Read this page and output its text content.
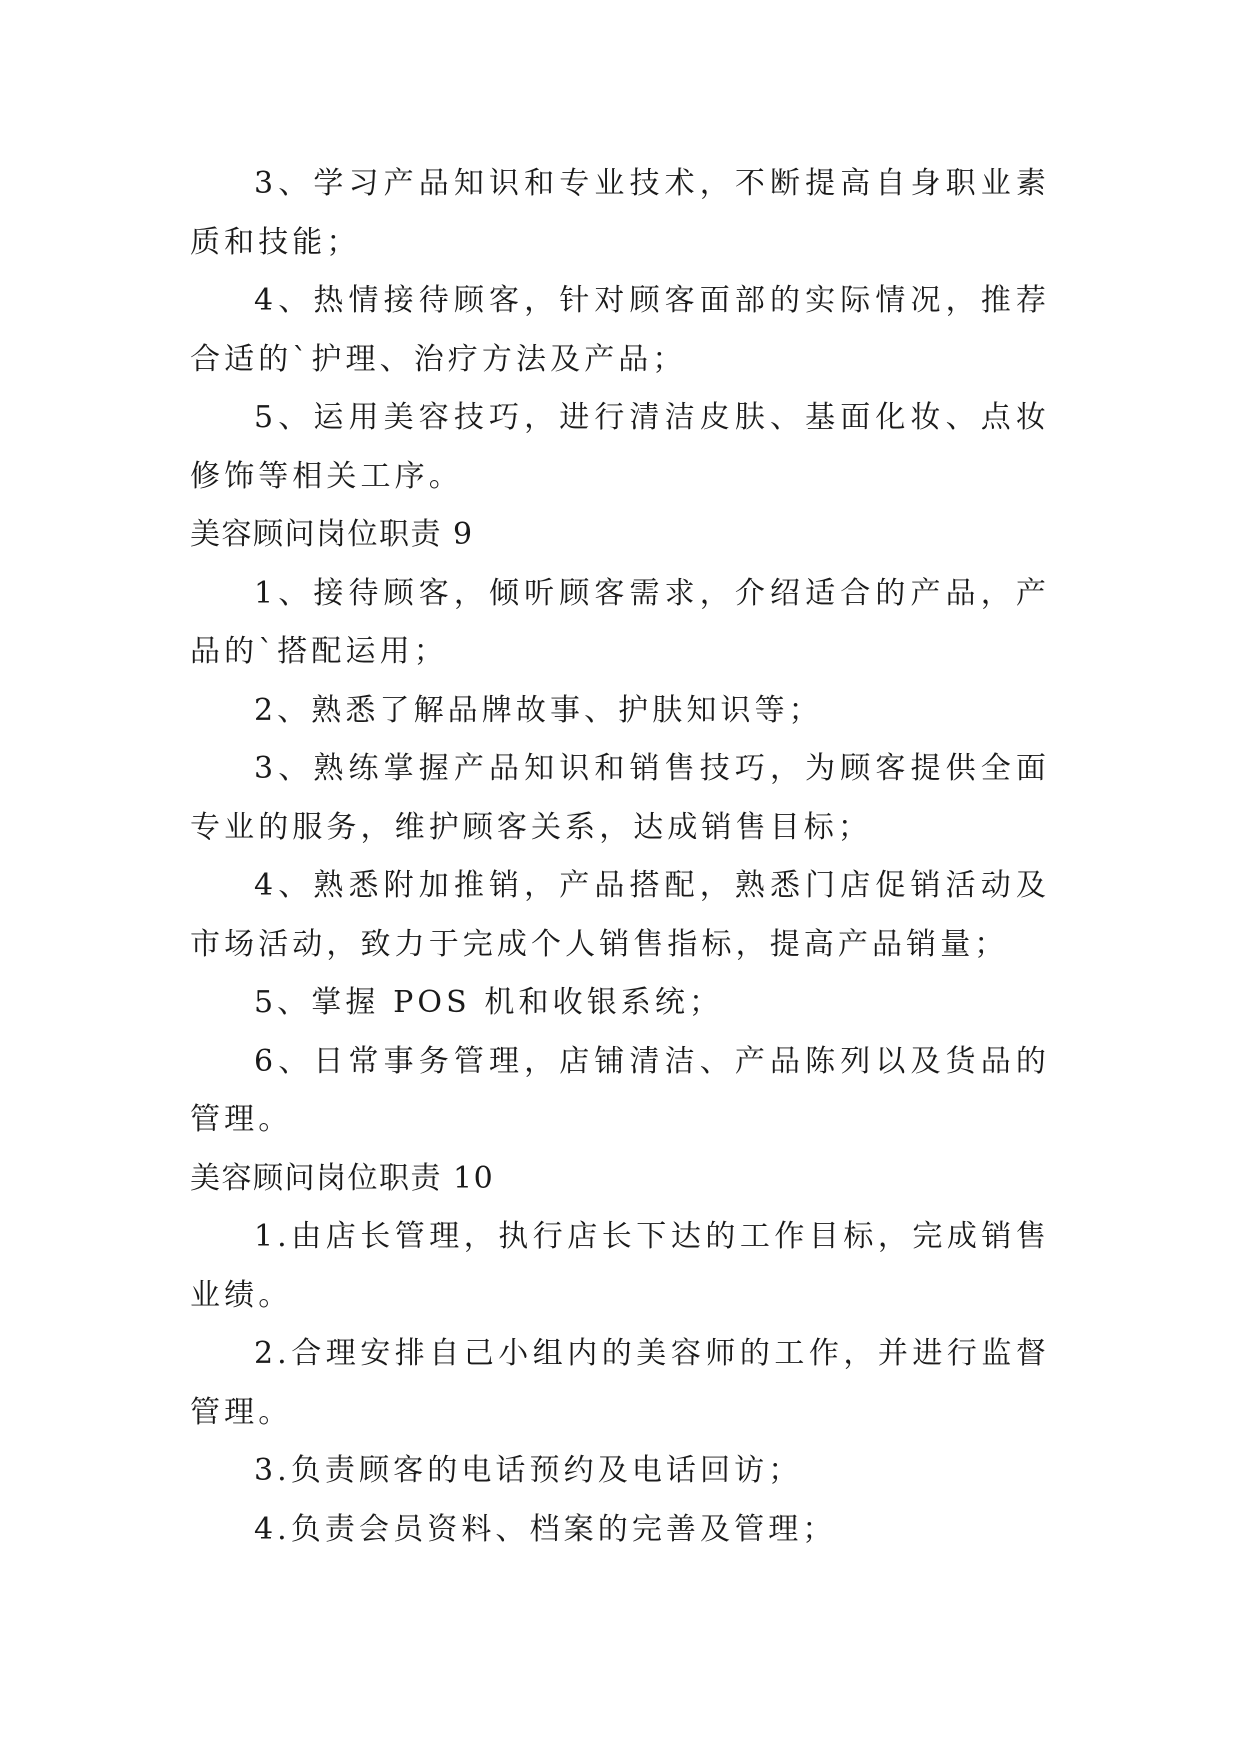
3、学习产品知识和专业技术，不断提高自身职业素质和技能；

4、热情接待顾客，针对顾客面部的实际情况，推荐合适的`护理、治疗方法及产品；

5、运用美容技巧，进行清洁皮肤、基面化妆、点妆修饰等相关工序。

美容顾问岗位职责 9

1、接待顾客，倾听顾客需求，介绍适合的产品，产品的`搭配运用；

2、熟悉了解品牌故事、护肤知识等；

3、熟练掌握产品知识和销售技巧，为顾客提供全面专业的服务，维护顾客关系，达成销售目标；

4、熟悉附加推销，产品搭配，熟悉门店促销活动及市场活动，致力于完成个人销售指标，提高产品销量；

5、掌握 POS 机和收银系统；

6、日常事务管理，店铺清洁、产品陈列以及货品的管理。

美容顾问岗位职责 10

1.由店长管理，执行店长下达的工作目标，完成销售业绩。

2.合理安排自己小组内的美容师的工作，并进行监督管理。

3.负责顾客的电话预约及电话回访；

4.负责会员资料、档案的完善及管理；
